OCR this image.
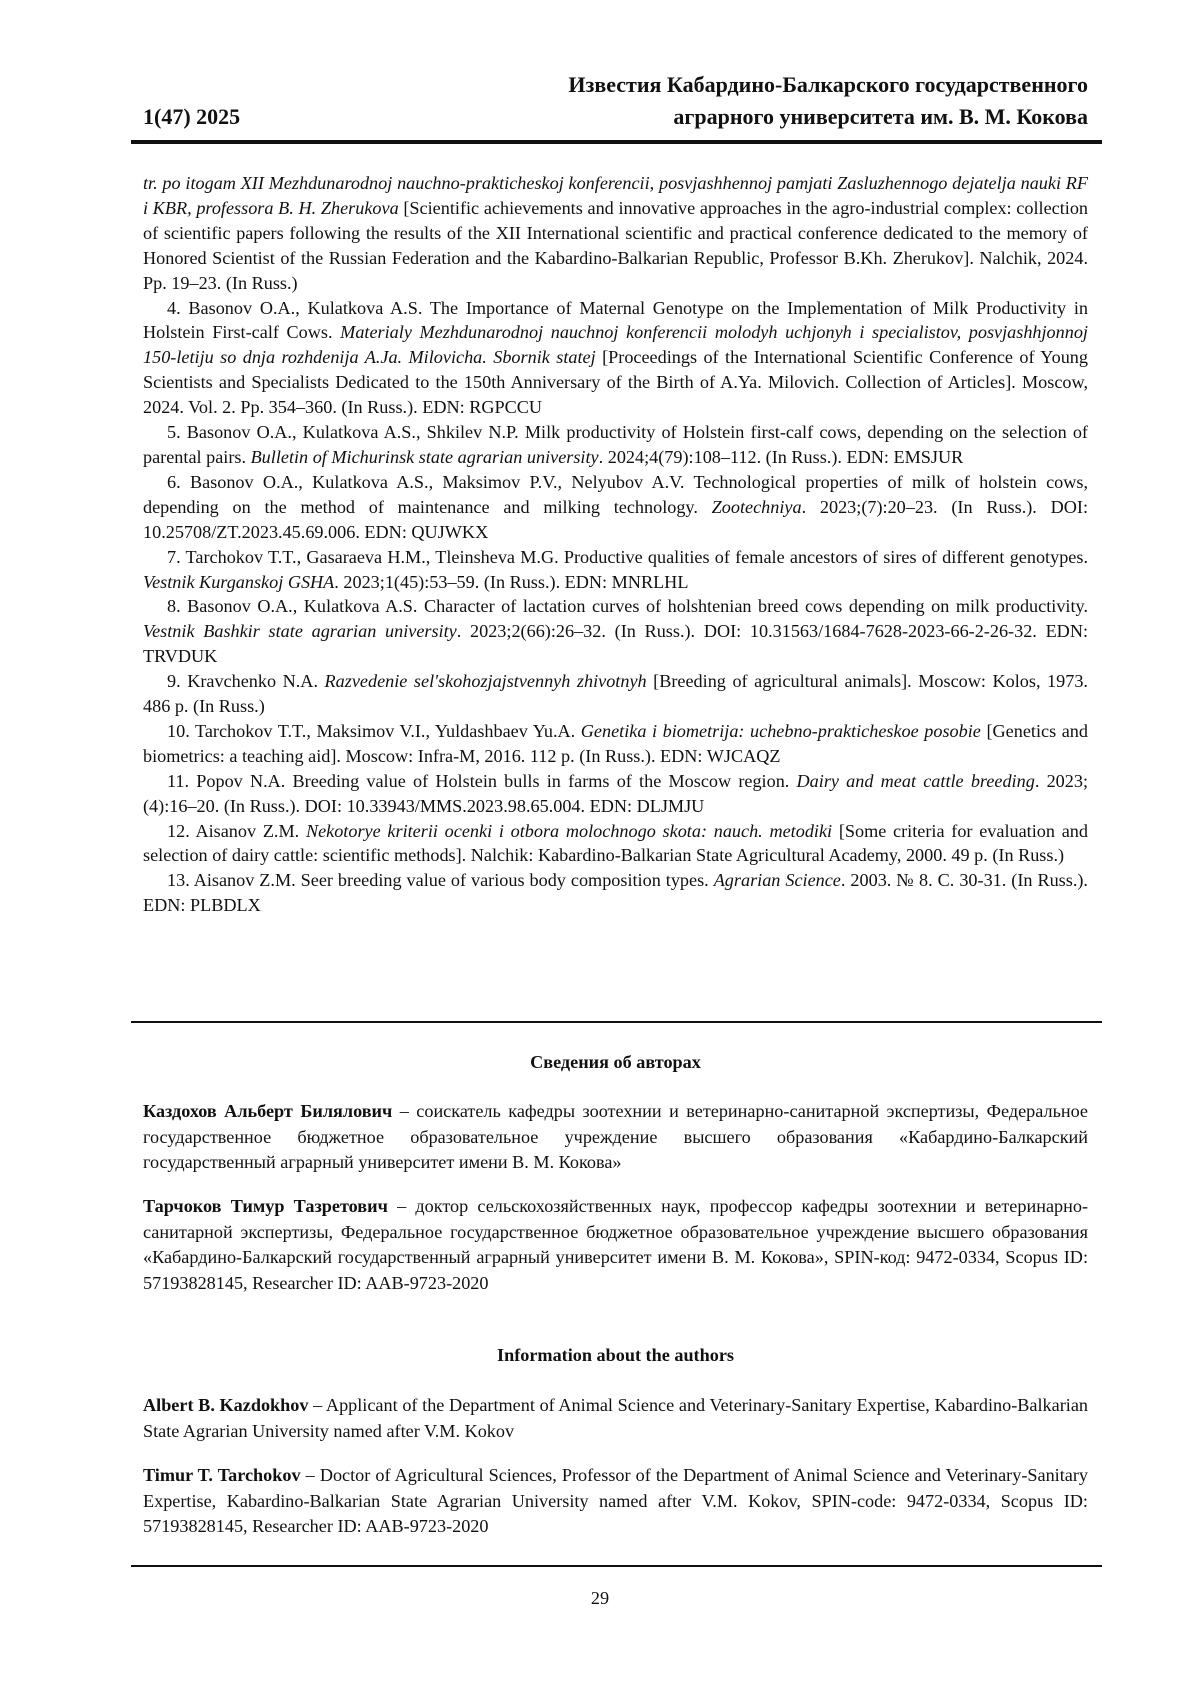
Известия Кабардино-Балкарского государственного
аграрного университета им. В. М. Кокова
1(47) 2025

tr. po itogam XII Mezhdunarodnoj nauchno-prakticheskoj konferencii, posvjashhennoj pamjati Zasluzhennogo dejatelja nauki RF i KBR, professora B. H. Zherukova [Scientific achievements and innovative approaches in the agro-industrial complex: collection of scientific papers following the results of the XII International scientific and practical conference dedicated to the memory of Honored Scientist of the Russian Federation and the Kabardino-Balkarian Republic, Professor B.Kh. Zherukov]. Nalchik, 2024. Pp. 19–23. (In Russ.)

4. Basonov O.A., Kulatkova A.S. The Importance of Maternal Genotype on the Implementation of Milk Productivity in Holstein First-calf Cows. Materialy Mezhdunarodnoj nauchnoj konferencii molodyh uchjonyh i specialistov, posvjashhjonnoj 150-letiju so dnja rozhdenija A.Ja. Milovicha. Sbornik statej [Proceedings of the International Scientific Conference of Young Scientists and Specialists Dedicated to the 150th Anniversary of the Birth of A.Ya. Milovich. Collection of Articles]. Moscow, 2024. Vol. 2. Pp. 354–360. (In Russ.). EDN: RGPCCU

5. Basonov O.A., Kulatkova A.S., Shkilev N.P. Milk productivity of Holstein first-calf cows, depending on the selection of parental pairs. Bulletin of Michurinsk state agrarian university. 2024;4(79):108–112. (In Russ.). EDN: EMSJUR

6. Basonov O.A., Kulatkova A.S., Maksimov P.V., Nelyubov A.V. Technological properties of milk of holstein cows, depending on the method of maintenance and milking technology. Zootechniya. 2023;(7):20–23. (In Russ.). DOI: 10.25708/ZT.2023.45.69.006. EDN: QUJWKX

7. Tarchokov T.T., Gasaraeva H.M., Tleinsheva M.G. Productive qualities of female ancestors of sires of different genotypes. Vestnik Kurganskoj GSHA. 2023;1(45):53–59. (In Russ.). EDN: MNRLHL

8. Basonov O.A., Kulatkova A.S. Character of lactation curves of holshtenian breed cows depending on milk productivity. Vestnik Bashkir state agrarian university. 2023;2(66):26–32. (In Russ.). DOI: 10.31563/1684-7628-2023-66-2-26-32. EDN: TRVDUK

9. Kravchenko N.A. Razvedenie sel'skohozjajstvennyh zhivotnyh [Breeding of agricultural animals]. Moscow: Kolos, 1973. 486 p. (In Russ.)

10. Tarchokov T.T., Maksimov V.I., Yuldashbaev Yu.A. Genetika i biometrija: uchebno-prakticheskoe posobie [Genetics and biometrics: a teaching aid]. Moscow: Infra-M, 2016. 112 p. (In Russ.). EDN: WJCAQZ

11. Popov N.A. Breeding value of Holstein bulls in farms of the Moscow region. Dairy and meat cattle breeding. 2023;(4):16–20. (In Russ.). DOI: 10.33943/MMS.2023.98.65.004. EDN: DLJMJU

12. Aisanov Z.M. Nekotorye kriterii ocenki i otbora molochnogo skota: nauch. metodiki [Some criteria for evaluation and selection of dairy cattle: scientific methods]. Nalchik: Kabardino-Balkarian State Agricultural Academy, 2000. 49 p. (In Russ.)

13. Aisanov Z.M. Seer breeding value of various body composition types. Agrarian Science. 2003. № 8. C. 30-31. (In Russ.). EDN: PLBDLX

Сведения об авторах

Каздохов Альберт Билялович – соискатель кафедры зоотехнии и ветеринарно-санитарной экспертизы, Федеральное государственное бюджетное образовательное учреждение высшего образования «Кабардино-Балкарский государственный аграрный университет имени В. М. Кокова»

Тарчоков Тимур Тазретович – доктор сельскохозяйственных наук, профессор кафедры зоотехнии и ветеринарно-санитарной экспертизы, Федеральное государственное бюджетное образовательное учреждение высшего образования «Кабардино-Балкарский государственный аграрный университет имени В. М. Кокова», SPIN-код: 9472-0334, Scopus ID: 57193828145, Researcher ID: AAB-9723-2020

Information about the authors

Albert B. Kazdokhov – Applicant of the Department of Animal Science and Veterinary-Sanitary Expertise, Kabardino-Balkarian State Agrarian University named after V.M. Kokov

Timur T. Tarchokov – Doctor of Agricultural Sciences, Professor of the Department of Animal Science and Veterinary-Sanitary Expertise, Kabardino-Balkarian State Agrarian University named after V.M. Kokov, SPIN-code: 9472-0334, Scopus ID: 57193828145, Researcher ID: AAB-9723-2020

29
